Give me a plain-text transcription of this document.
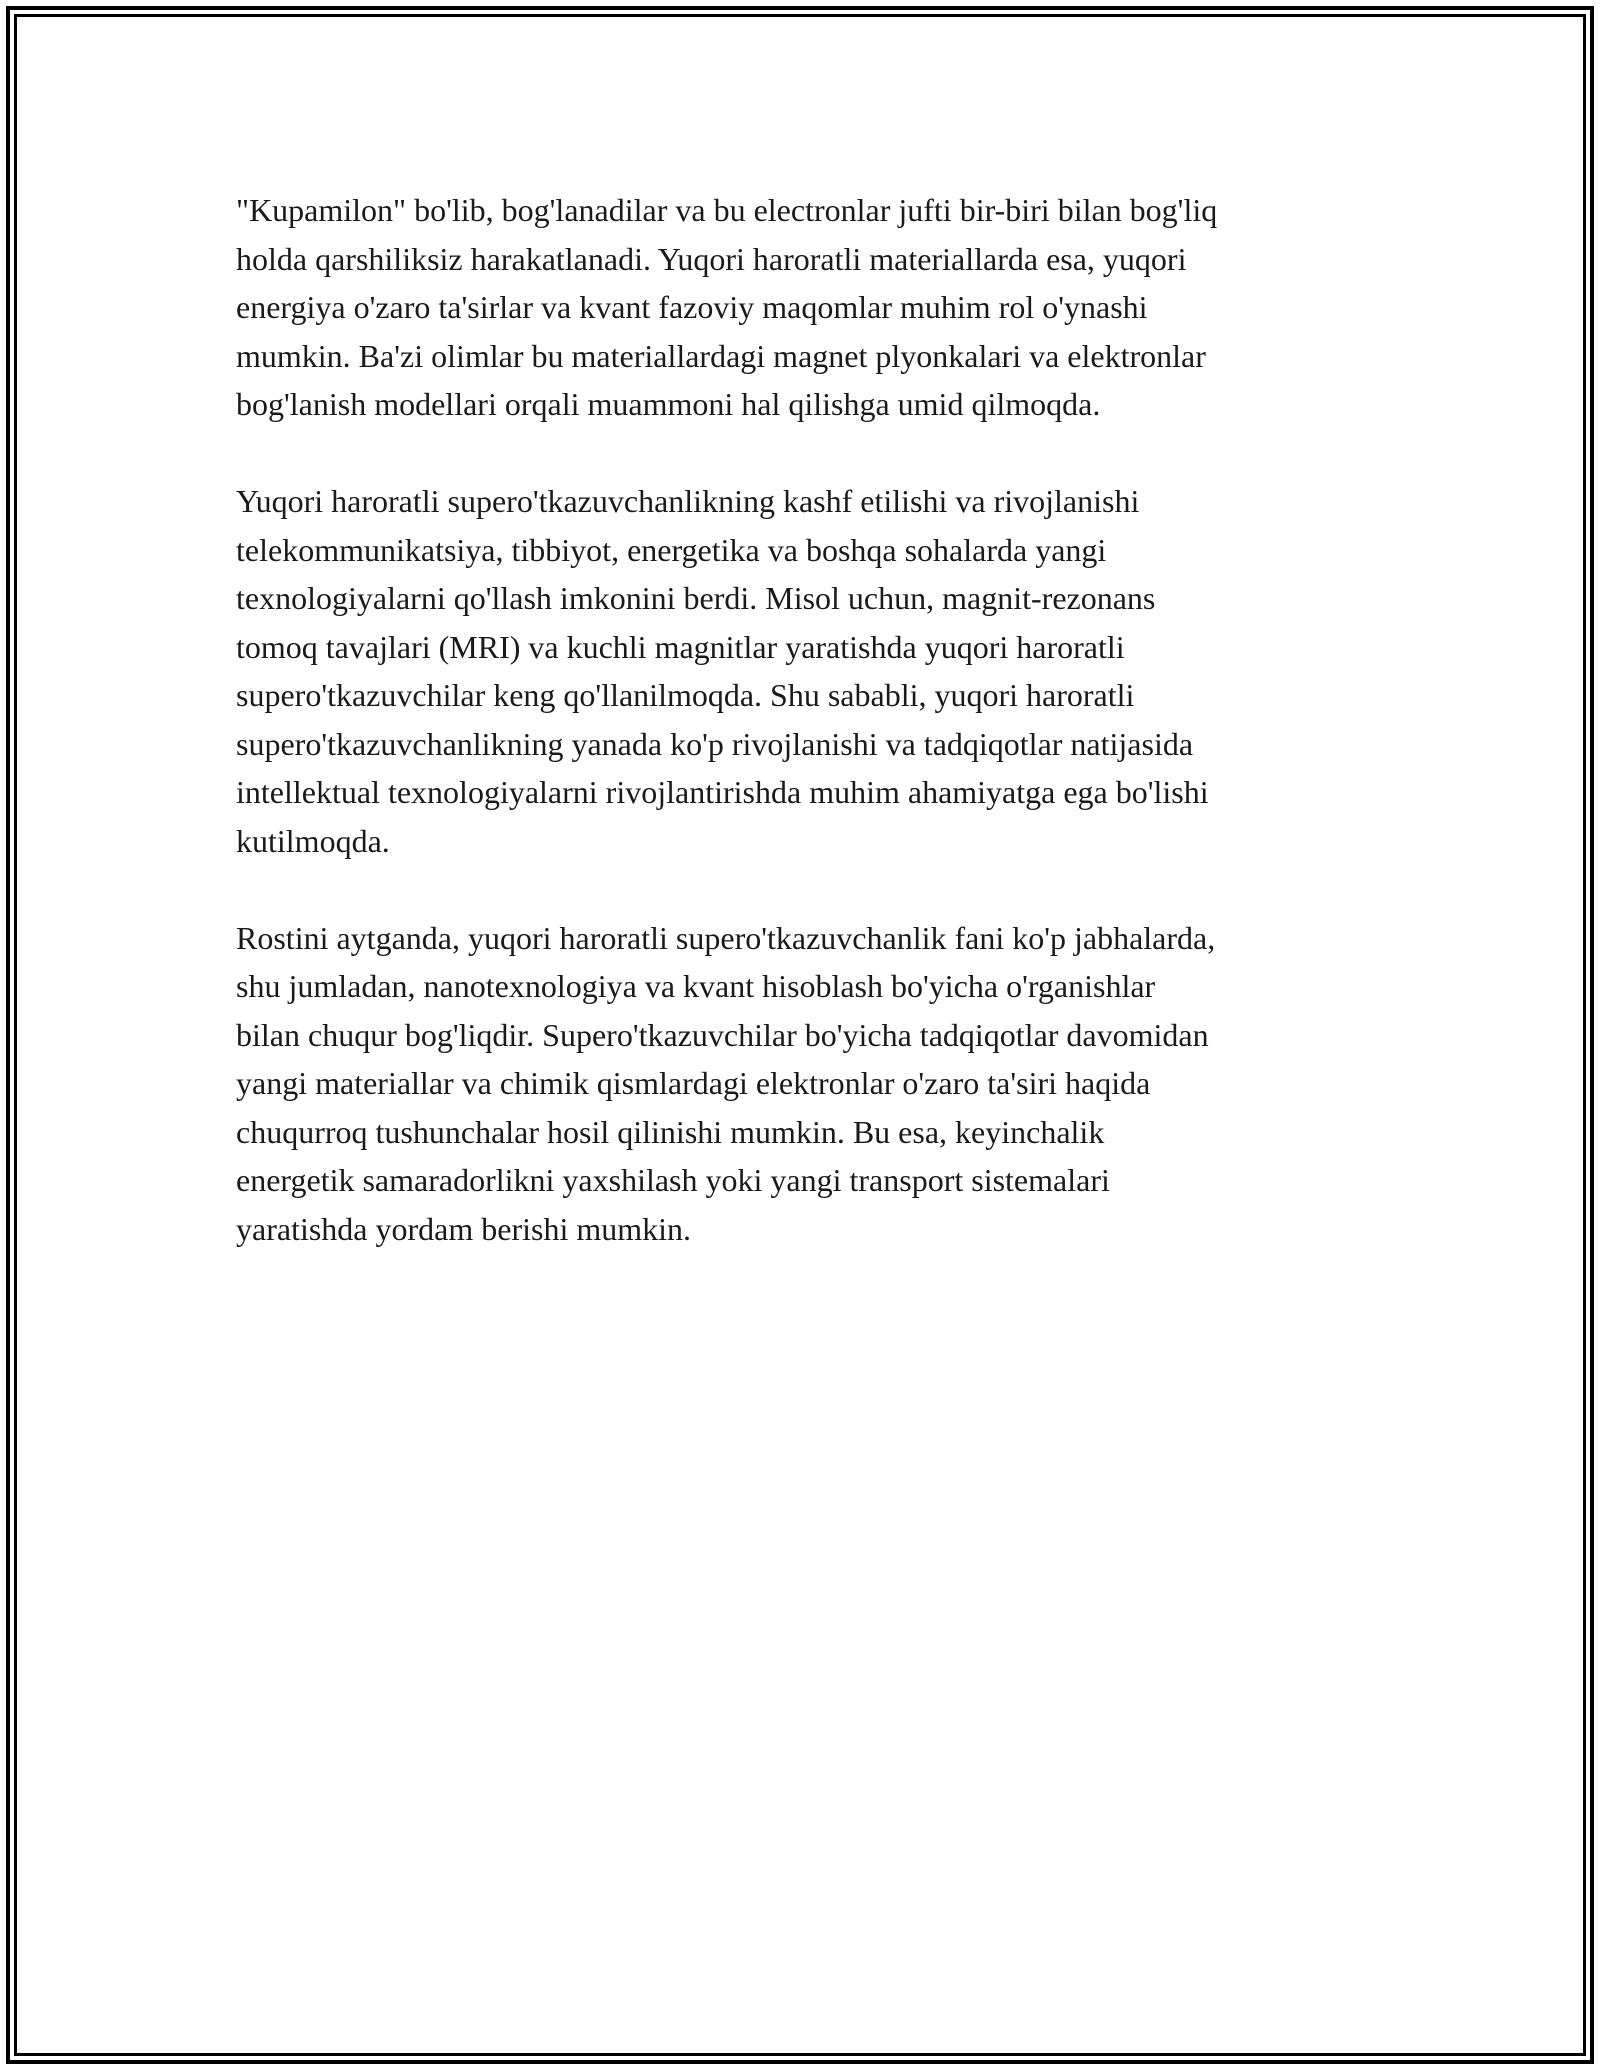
"Kupamilon" bo'lib, bog'lanadilar va bu electronlar jufti bir-biri bilan bog'liq
holda qarshiliksiz harakatlanadi. Yuqori haroratli materiallarda esa, yuqori
energiya o'zaro ta'sirlar va kvant fazoviy maqomlar muhim rol o'ynashi
mumkin. Ba'zi olimlar bu materiallardagi magnet plyonkalari va elektronlar
bog'lanish modellari orqali muammoni hal qilishga umid qilmoqda.

Yuqori haroratli supero'tkazuvchanlikning kashf etilishi va rivojlanishi
telekommunikatsiya, tibbiyot, energetika va boshqa sohalarda yangi
texnologiyalarni qo'llash imkonini berdi. Misol uchun, magnit-rezonans
tomoq tavajlari (MRI) va kuchli magnitlar yaratishda yuqori haroratli
supero'tkazuvchilar keng qo'llanilmoqda. Shu sababli, yuqori haroratli
supero'tkazuvchanlikning yanada ko'p rivojlanishi va tadqiqotlar natijasida
intellektual texnologiyalarni rivojlantirishda muhim ahamiyatga ega bo'lishi
kutilmoqda.

Rostini aytganda, yuqori haroratli supero'tkazuvchanlik fani ko'p jabhalarda,
shu jumladan, nanotexnologiya va kvant hisoblash bo'yicha o'rganishlar
bilan chuqur bog'liqdir. Supero'tkazuvchilar bo'yicha tadqiqotlar davomidan
yangi materiallar va chimik qismlardagi elektronlar o'zaro ta'siri haqida
chuqurroq tushunchalar hosil qilinishi mumkin. Bu esa, keyinchalik
energetik samaradorlikni yaxshilash yoki yangi transport sistemalari
yaratishda yordam berishi mumkin.
